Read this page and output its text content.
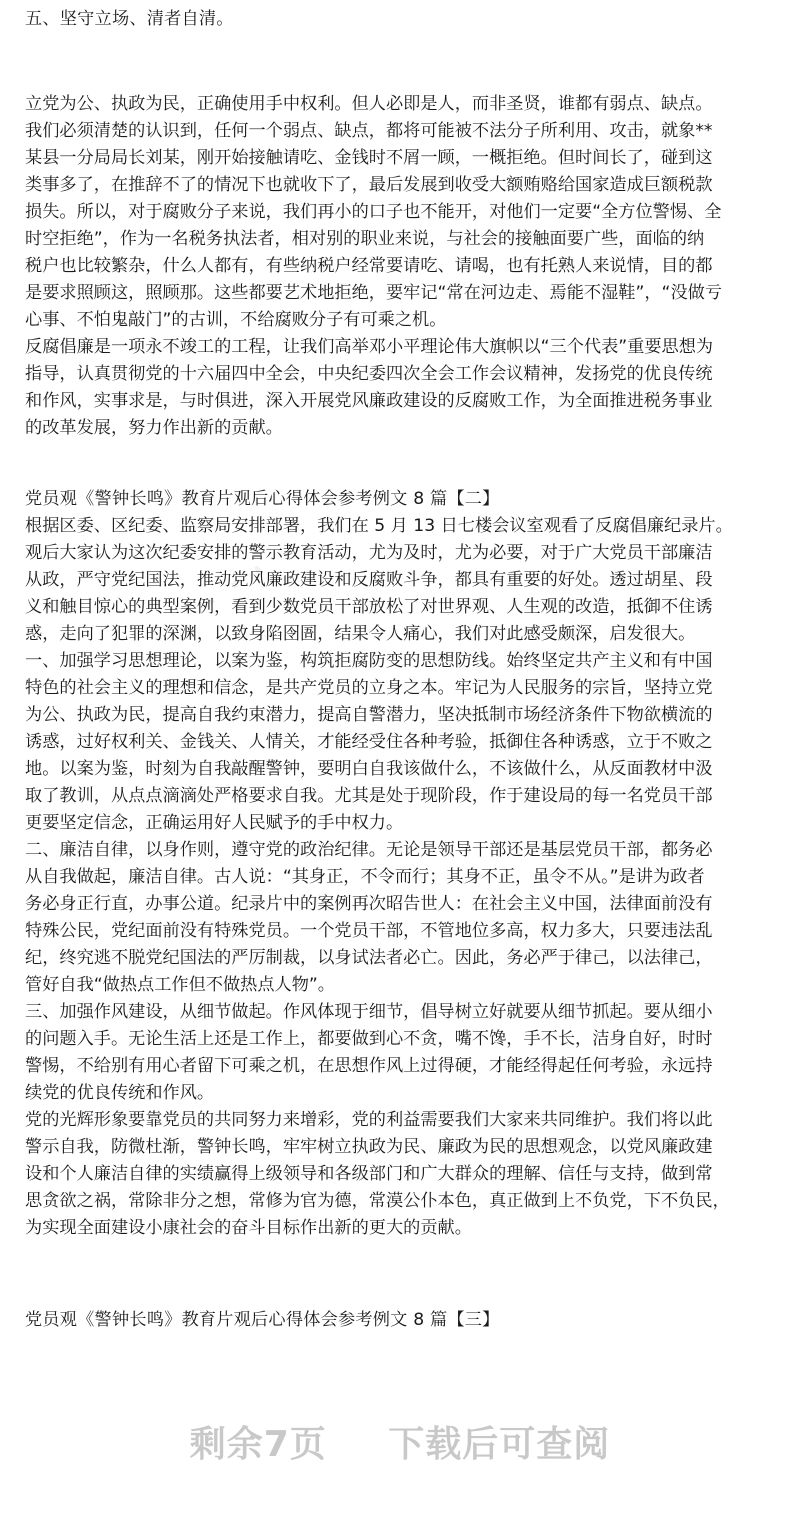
· · ·
五、坚守立场、清者自清。
立党为公、执政为民，正确使用手中权利。但人必即是人，而非圣贤，谁都有弱点、缺点。
我们必须清楚的认识到，任何一个弱点、缺点，都将可能被不法分子所利用、攻击，就象**
某县一分局局长刘某，刚开始接触请吃、金钱时不屑一顾，一概拒绝。但时间长了，碰到这
类事多了，在推辞不了的情况下也就收下了，最后发展到收受大额贿赂给国家造成巨额税款
损失。所以，对于腐败分子来说，我们再小的口子也不能开，对他们一定要“全方位警惕、全
时空拒绝”，作为一名税务执法者，相对别的职业来说，与社会的接触面要广些，面临的纳
税户也比较繁杂，什么人都有，有些纳税户经常要请吃、请喝，也有托熟人来说情，目的都
是要求照顾这，照顾那。这些都要艺术地拒绝，要牢记“常在河边走、焉能不湿鞋”，“没做亏
心事、不怕鬼敲门”的古训，不给腐败分子有可乘之机。
反腐倡廉是一项永不竣工的工程，让我们高举邓小平理论伟大旗帜以“三个代表”重要思想为
指导，认真贯彻党的十六届四中全会，中央纪委四次全会工作会议精神，发扬党的优良传统
和作风，实事求是，与时俱进，深入开展党风廉政建设的反腐败工作，为全面推进税务事业
的改革发展，努力作出新的贡献。
党员观《警钟长鸣》教育片观后心得体会参考例文 8 篇【二】
根据区委、区纪委、监察局安排部署，我们在 5 月 13 日七楼会议室观看了反腐倡廉纪录片。
观后大家认为这次纪委安排的警示教育活动，尤为及时，尤为必要，对于广大党员干部廉洁
从政，严守党纪国法，推动党风廉政建设和反腐败斗争，都具有重要的好处。透过胡星、段
义和触目惊心的典型案例，看到少数党员干部放松了对世界观、人生观的改造，抵御不住诱
惑，走向了犯罪的深渊，以致身陷囹圄，结果令人痛心，我们对此感受颇深，启发很大。
一、加强学习思想理论，以案为鉴，构筑拒腐防变的思想防线。始终坚定共产主义和有中国
特色的社会主义的理想和信念，是共产党员的立身之本。牢记为人民服务的宗旨，坚持立党
为公、执政为民，提高自我约束潜力，提高自警潜力，坚决抵制市场经济条件下物欲横流的
诱惑，过好权利关、金钱关、人情关，才能经受住各种考验，抵御住各种诱惑，立于不败之
地。以案为鉴，时刻为自我敲醒警钟，要明白自我该做什么，不该做什么，从反面教材中汲
取了教训，从点点滴滴处严格要求自我。尤其是处于现阶段，作于建设局的每一名党员干部
更要坚定信念，正确运用好人民赋予的手中权力。
二、廉洁自律，以身作则，遵守党的政治纪律。无论是领导干部还是基层党员干部，都务必
从自我做起，廉洁自律。古人说：“其身正，不令而行；其身不正，虽令不从。”是讲为政者
务必身正行直，办事公道。纪录片中的案例再次昭告世人：在社会主义中国，法律面前没有
特殊公民，党纪面前没有特殊党员。一个党员干部，不管地位多高，权力多大，只要违法乱
纪，终究逃不脱党纪国法的严厉制裁，以身试法者必亡。因此，务必严于律己，以法律己，
管好自我“做热点工作但不做热点人物”。
三、加强作风建设，从细节做起。作风体现于细节，倡导树立好就要从细节抓起。要从细小
的问题入手。无论生活上还是工作上，都要做到心不贪，嘴不馋，手不长，洁身自好，时时
警惕，不给别有用心者留下可乘之机，在思想作风上过得硬，才能经得起任何考验，永远持
续党的优良传统和作风。
党的光辉形象要靠党员的共同努力来增彩，党的利益需要我们大家来共同维护。我们将以此
警示自我，防微杜渐，警钟长鸣，牢牢树立执政为民、廉政为民的思想观念，以党风廉政建
设和个人廉洁自律的实绩赢得上级领导和各级部门和广大群众的理解、信任与支持，做到常
思贪欲之祸，常除非分之想，常修为官为德，常漠公仆本色，真正做到上不负党，下不负民，
为实现全面建设小康社会的奋斗目标作出新的更大的贡献。
党员观《警钟长鸣》教育片观后心得体会参考例文 8 篇【三】
剩余7页 下载后可查阅
